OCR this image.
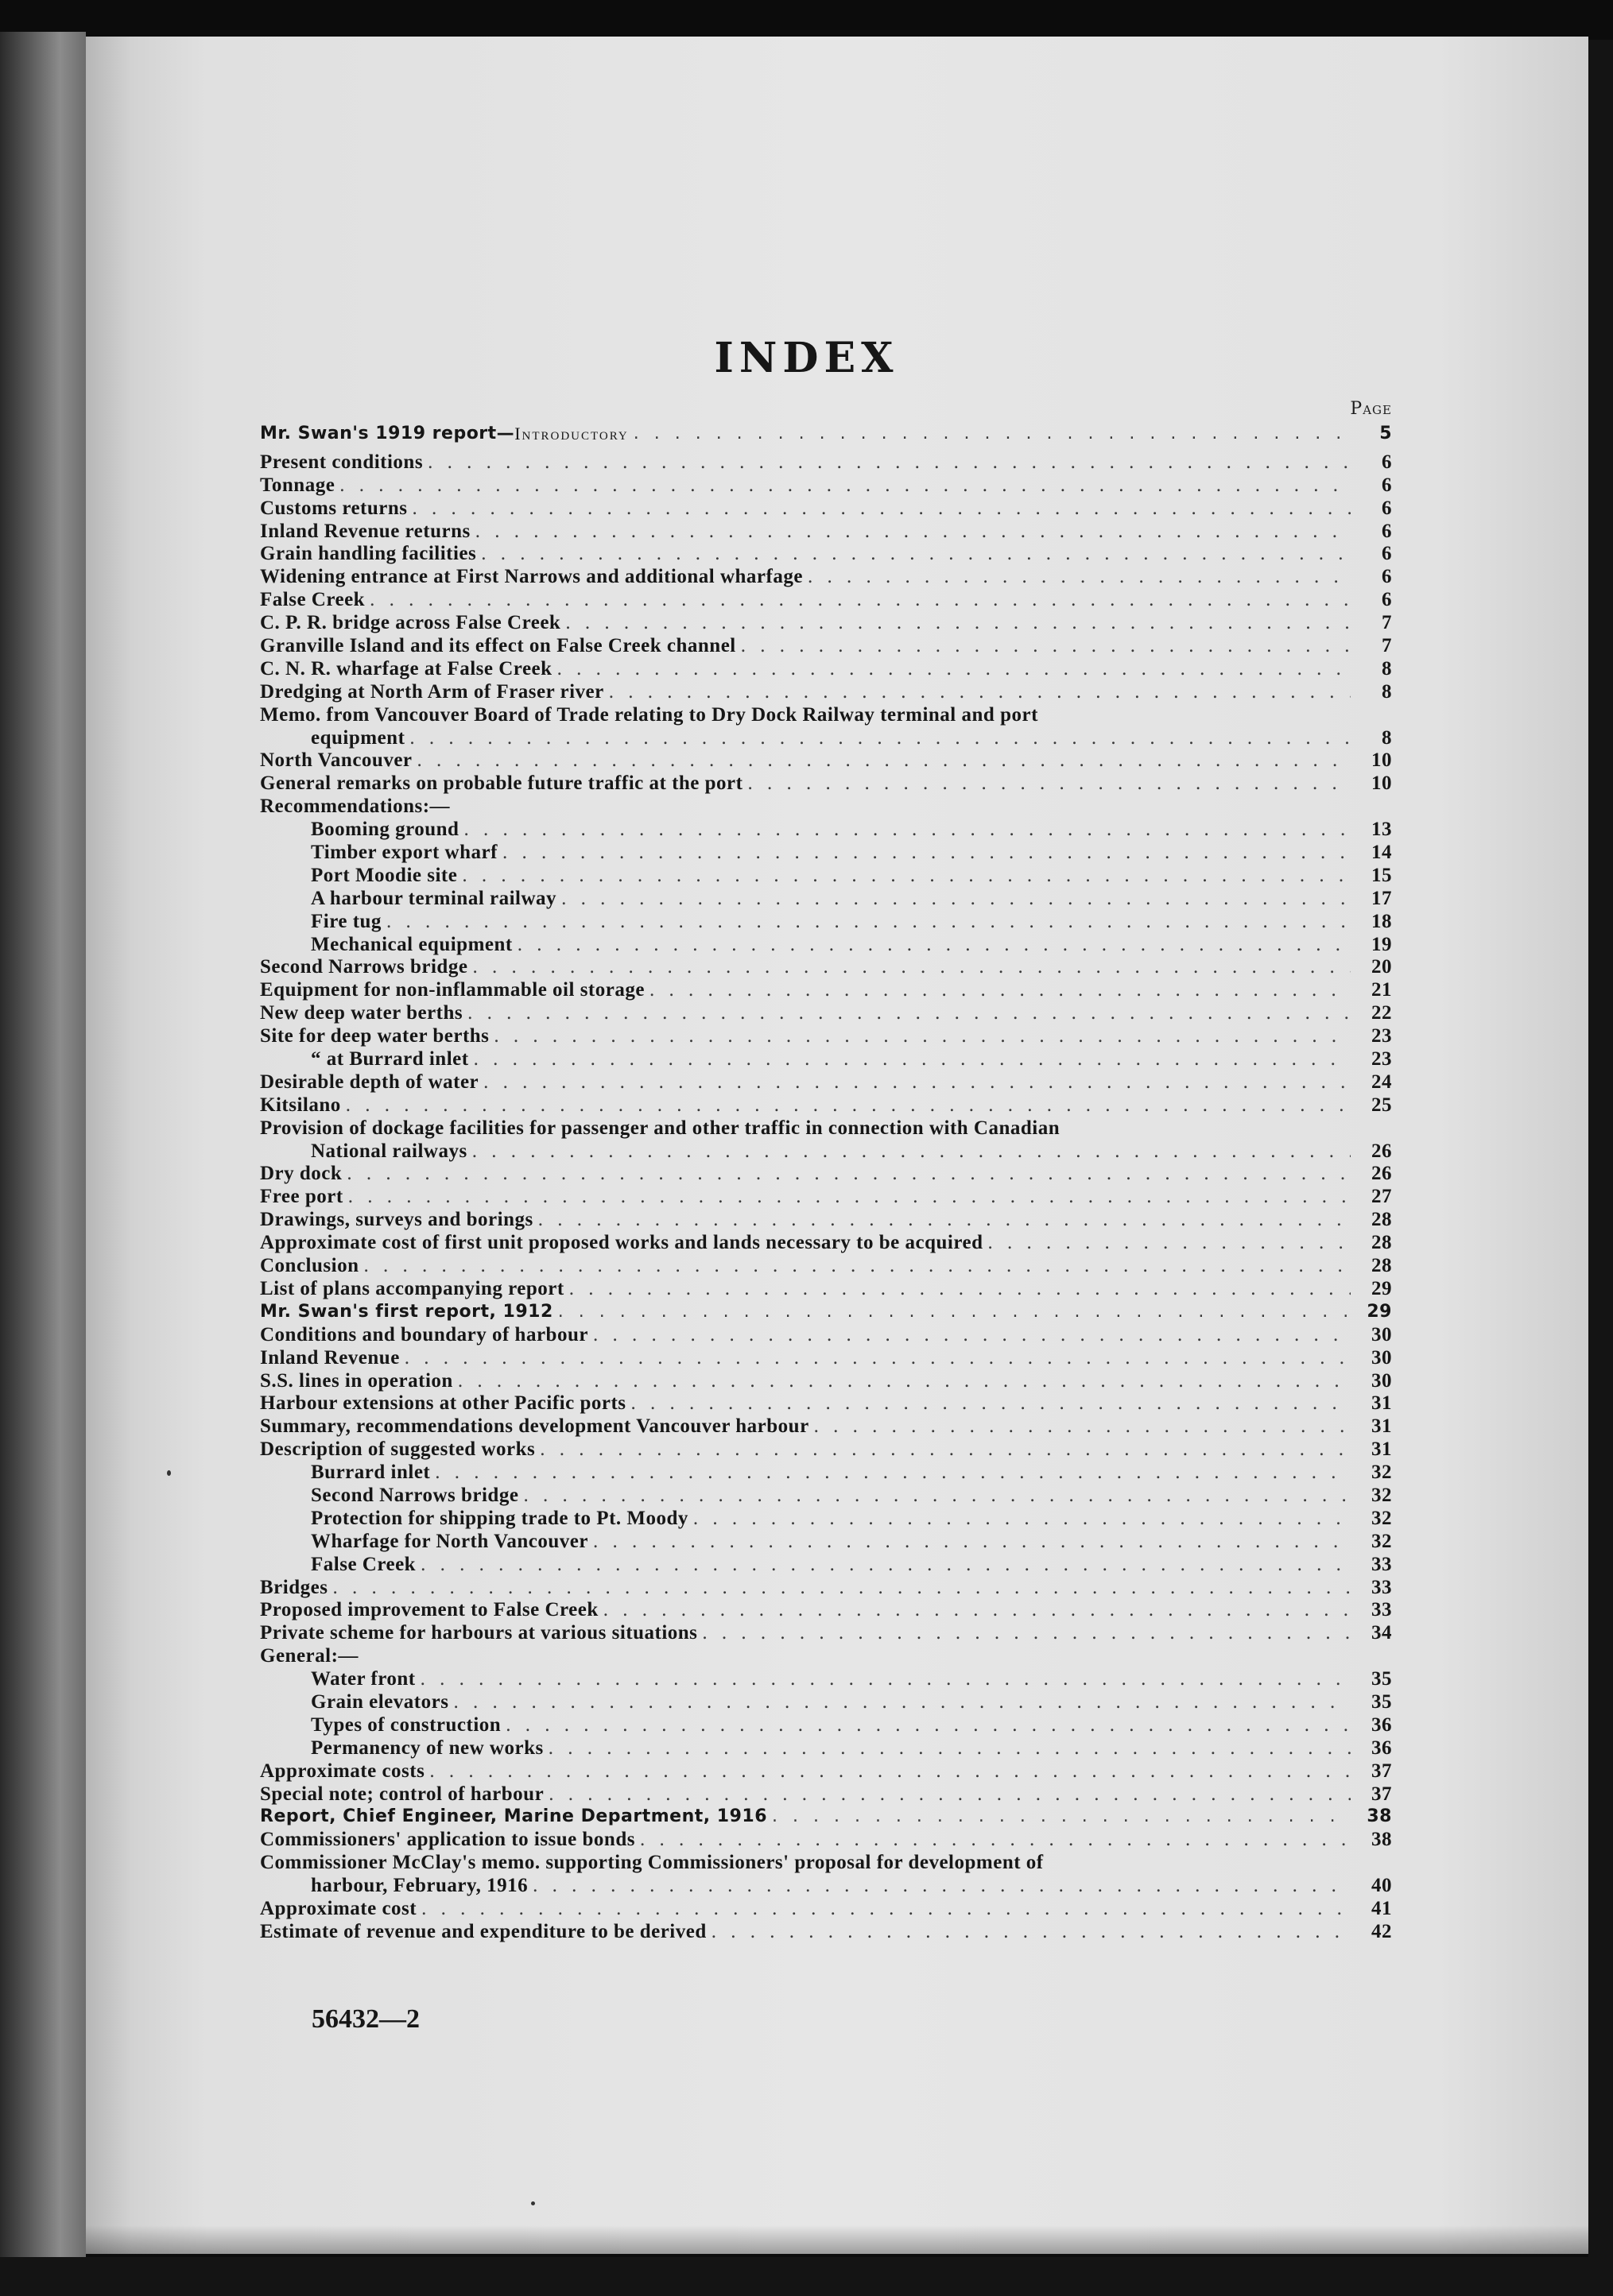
INDEX
Page
Mr. Swan's 1919 report— Introductory . . .	5
Present conditions . . .	6
Tonnage . . .	6
Customs returns . . .	6
Inland Revenue returns . . .	6
Grain handling facilities . . .	6
Widening entrance at First Narrows and additional wharfage . . .	6
False Creek . . .	6
C. P. R. bridge across False Creek . . .	7
Granville Island and its effect on False Creek channel . . .	7
C. N. R. wharfage at False Creek . . .	8
Dredging at North Arm of Fraser river . . .	8
Memo. from Vancouver Board of Trade relating to Dry Dock Railway terminal and port
equipment . . .	8
North Vancouver . . .	10
General remarks on probable future traffic at the port . . .	10
Recommendations:—
Booming ground . . .	13
Timber export wharf . . .	14
Port Moodie site . . .	15
A harbour terminal railway . . .	17
Fire tug . . .	18
Mechanical equipment . . .	19
Second Narrows bridge . . .	20
Equipment for non-inflammable oil storage . . .	21
New deep water berths . . .	22
Site for deep water berths . . .	23
“ at Burrard inlet . . .	23
Desirable depth of water . . .	24
Kitsilano . . .	25
Provision of dockage facilities for passenger and other traffic in connection with Canadian
National railways . . .	26
Dry dock . . .	26
Free port . . .	27
Drawings, surveys and borings . . .	28
Approximate cost of first unit proposed works and lands necessary to be acquired . . .	28
Conclusion . . .	28
List of plans accompanying report . . .	29
Mr. Swan's first report, 1912 . . .	29
Conditions and boundary of harbour . . .	30
Inland Revenue . . .	30
S.S. lines in operation . . .	30
Harbour extensions at other Pacific ports . . .	31
Summary, recommendations development Vancouver harbour . . .	31
Description of suggested works . . .	31
Burrard inlet . . .	32
Second Narrows bridge . . .	32
Protection for shipping trade to Pt. Moody . . .	32
Wharfage for North Vancouver . . .	32
False Creek . . .	33
Bridges . . .	33
Proposed improvement to False Creek . . .	33
Private scheme for harbours at various situations . . .	34
General:—
Water front . . .	35
Grain elevators . . .	35
Types of construction . . .	36
Permanency of new works . . .	36
Approximate costs . . .	37
Special note; control of harbour . . .	37
Report, Chief Engineer, Marine Department, 1916 . . .	38
Commissioners' application to issue bonds . . .	38
Commissioner McClay's memo. supporting Commissioners' proposal for development of
harbour, February, 1916 . . .	40
Approximate cost . . .	41
Estimate of revenue and expenditure to be derived . . .	42
56432—2
